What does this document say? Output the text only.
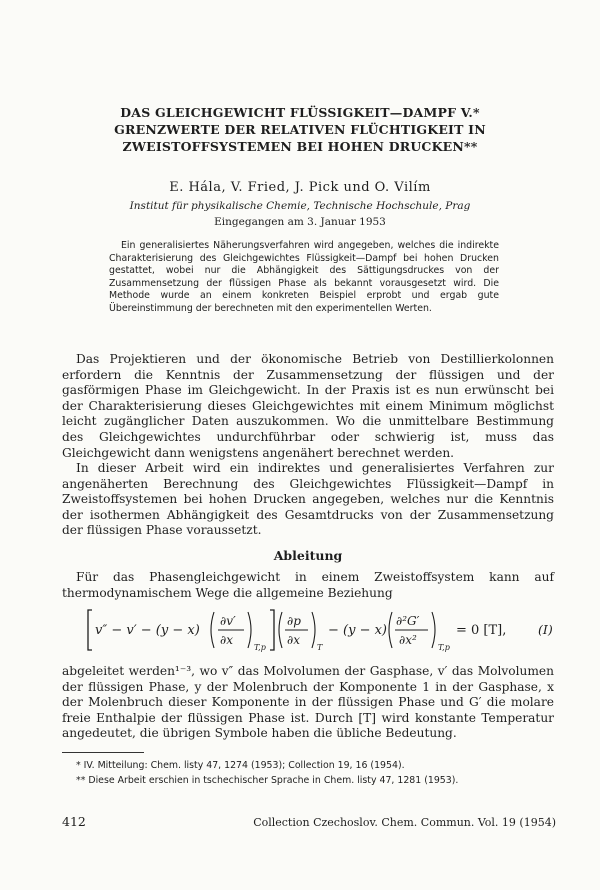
DAS GLEICHGEWICHT FLÜSSIGKEIT—DAMPF V.*
GRENZWERTE DER RELATIVEN FLÜCHTIGKEIT IN
ZWEISTOFFSYSTEMEN BEI HOHEN DRUCKEN**
E. Hála, V. Fried, J. Pick und O. Vilím
Institut für physikalische Chemie, Technische Hochschule, Prag
Eingegangen am 3. Januar 1953
Ein generalisiertes Näherungsverfahren wird angegeben, welches die indirekte Charakterisierung des Gleichgewichtes Flüssigkeit—Dampf bei hohen Drucken gestattet, wobei nur die Abhängigkeit des Sättigungsdruckes von der Zusammensetzung der flüssigen Phase als bekannt vorausgesetzt wird. Die Methode wurde an einem konkreten Beispiel erprobt und ergab gute Übereinstimmung der berechneten mit den experimentellen Werten.

Das Projektieren und der ökonomische Betrieb von Destillierkolonnen erfordern die Kenntnis der Zusammensetzung der flüssigen und der gasförmigen Phase im Gleichgewicht. In der Praxis ist es nun erwünscht bei der Charakterisierung dieses Gleichgewichtes mit einem Minimum möglichst leicht zugänglicher Daten auszukommen. Wo die unmittelbare Bestimmung des Gleichgewichtes undurchführbar oder schwierig ist, muss das Gleichgewicht dann wenigstens angenähert berechnet werden.

In dieser Arbeit wird ein indirektes und generalisiertes Verfahren zur angenäherten Berechnung des Gleichgewichtes Flüssigkeit—Dampf in Zweistoffsystemen bei hohen Drucken angegeben, welches nur die Kenntnis der isothermen Abhängigkeit des Gesamtdrucks von der Zusammensetzung der flüssigen Phase voraussetzt.

Ableitung

Für das Phasengleichgewicht in einem Zweistoffsystem kann auf thermodynamischem Wege die allgemeine Beziehung

v″ − v′ − (y − x)
∂v′
∂x
T,p
∂p
∂x
T
− (y − x)
∂²G′
∂x²
T,p
= 0 [T],	(I)

abgeleitet werden¹⁻³, wo v″ das Molvolumen der Gasphase, v′ das Molvolumen der flüssigen Phase, y der Molenbruch der Komponente 1 in der Gasphase, x der Molenbruch dieser Komponente in der flüssigen Phase und G′ die molare freie Enthalpie der flüssigen Phase ist. Durch [T] wird konstante Temperatur angedeutet, die übrigen Symbole haben die übliche Bedeutung.

* IV. Mitteilung: Chem. listy 47, 1274 (1953); Collection 19, 16 (1954).
** Diese Arbeit erschien in tschechischer Sprache in Chem. listy 47, 1281 (1953).
412	Collection Czechoslov. Chem. Commun. Vol. 19 (1954)
